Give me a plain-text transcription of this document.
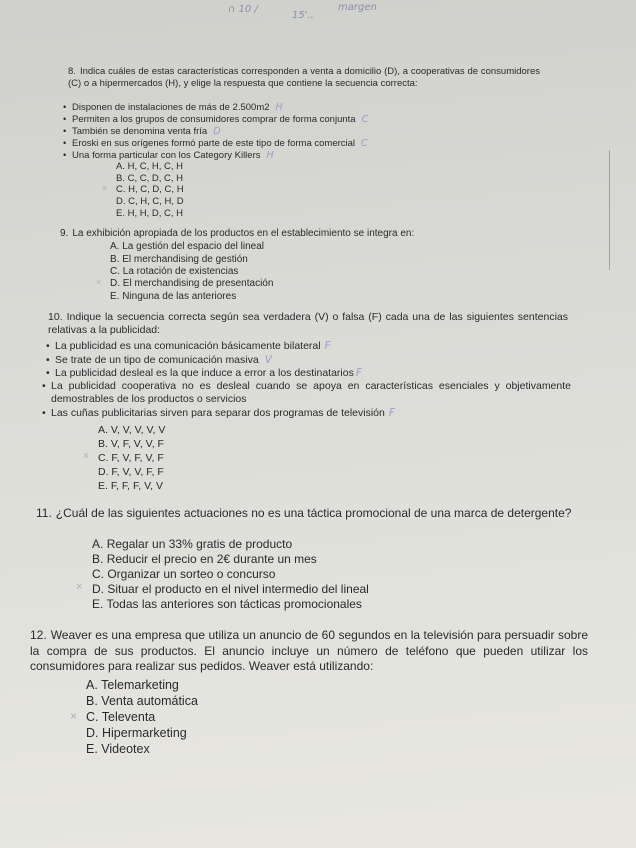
∩ 10 /
15'..
margen
8. Indica cuáles de estas características corresponden a venta a domicilio (D), a cooperativas de consumidores (C) o a hipermercados (H), y elige la respuesta que contiene la secuencia correcta:
• Disponen de instalaciones de más de 2.500m2 H
• Permiten a los grupos de consumidores comprar de forma conjunta C
• También se denomina venta fría D
• Eroski en sus orígenes formó parte de este tipo de forma comercial C
• Una forma particular con los Category Killers H
A. H, C, H, C, H
B. C, C, D, C, H
× C. H, C, D, C, H
D. C, H, C, H, D
E. H, H, D, C, H
9. La exhibición apropiada de los productos en el establecimiento se integra en:
A. La gestión del espacio del lineal
B. El merchandising de gestión
C. La rotación de existencias
× D. El merchandising de presentación
E. Ninguna de las anteriores
10. Indique la secuencia correcta según sea verdadera (V) o falsa (F) cada una de las siguientes sentencias relativas a la publicidad:
• La publicidad es una comunicación básicamente bilateral F
• Se trate de un tipo de comunicación masiva V
• La publicidad desleal es la que induce a error a los destinatarios F
• La publicidad cooperativa no es desleal cuando se apoya en características esenciales y objetivamente demostrables de los productos o servicios
• Las cuñas publicitarias sirven para separar dos programas de televisión F
A. V, V, V, V, V
B. V, F, V, V, F
× C. F, V, F, V, F
D. F, V, V, F, F
E. F, F, F, V, V
11. ¿Cuál de las siguientes actuaciones no es una táctica promocional de una marca de detergente?
A. Regalar un 33% gratis de producto
B. Reducir el precio en 2€ durante un mes
C. Organizar un sorteo o concurso
× D. Situar el producto en el nivel intermedio del lineal
E. Todas las anteriores son tácticas promocionales
12. Weaver es una empresa que utiliza un anuncio de 60 segundos en la televisión para persuadir sobre la compra de sus productos. El anuncio incluye un número de teléfono que pueden utilizar los consumidores para realizar sus pedidos. Weaver está utilizando:
A. Telemarketing
B. Venta automática
× C. Televenta
D. Hipermarketing
E. Videotex
